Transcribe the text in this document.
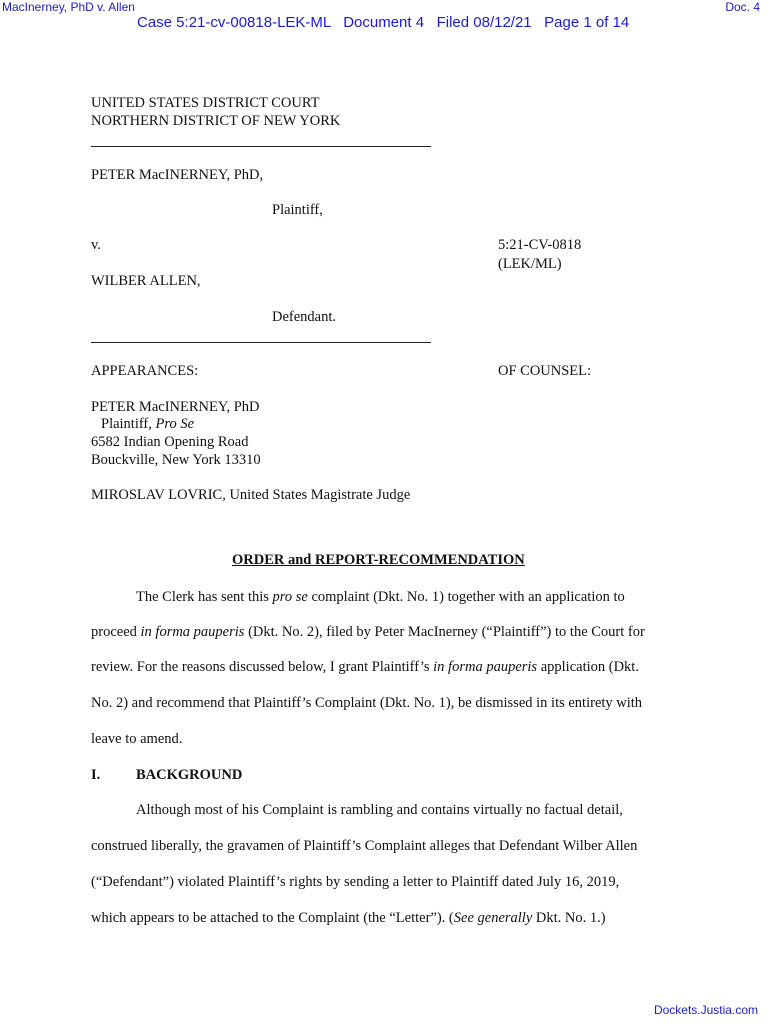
MacInerney, PhD v. Allen	Doc. 4
Case 5:21-cv-00818-LEK-ML   Document 4   Filed 08/12/21   Page 1 of 14
UNITED STATES DISTRICT COURT
NORTHERN DISTRICT OF NEW YORK
PETER MacINERNEY, PhD,
Plaintiff,
v.	5:21-CV-0818
(LEK/ML)
WILBER ALLEN,
Defendant.
APPEARANCES:	OF COUNSEL:
PETER MacINERNEY, PhD
Plaintiff, Pro Se
6582 Indian Opening Road
Bouckville, New York 13310
MIROSLAV LOVRIC, United States Magistrate Judge
ORDER and REPORT-RECOMMENDATION
The Clerk has sent this pro se complaint (Dkt. No. 1) together with an application to
proceed in forma pauperis (Dkt. No. 2), filed by Peter MacInerney (“Plaintiff”) to the Court for
review. For the reasons discussed below, I grant Plaintiff’s in forma pauperis application (Dkt.
No. 2) and recommend that Plaintiff’s Complaint (Dkt. No. 1), be dismissed in its entirety with
leave to amend.
I. BACKGROUND
Although most of his Complaint is rambling and contains virtually no factual detail,
construed liberally, the gravamen of Plaintiff’s Complaint alleges that Defendant Wilber Allen
(“Defendant”) violated Plaintiff’s rights by sending a letter to Plaintiff dated July 16, 2019,
which appears to be attached to the Complaint (the “Letter”). (See generally Dkt. No. 1.)
Dockets.Justia.com
